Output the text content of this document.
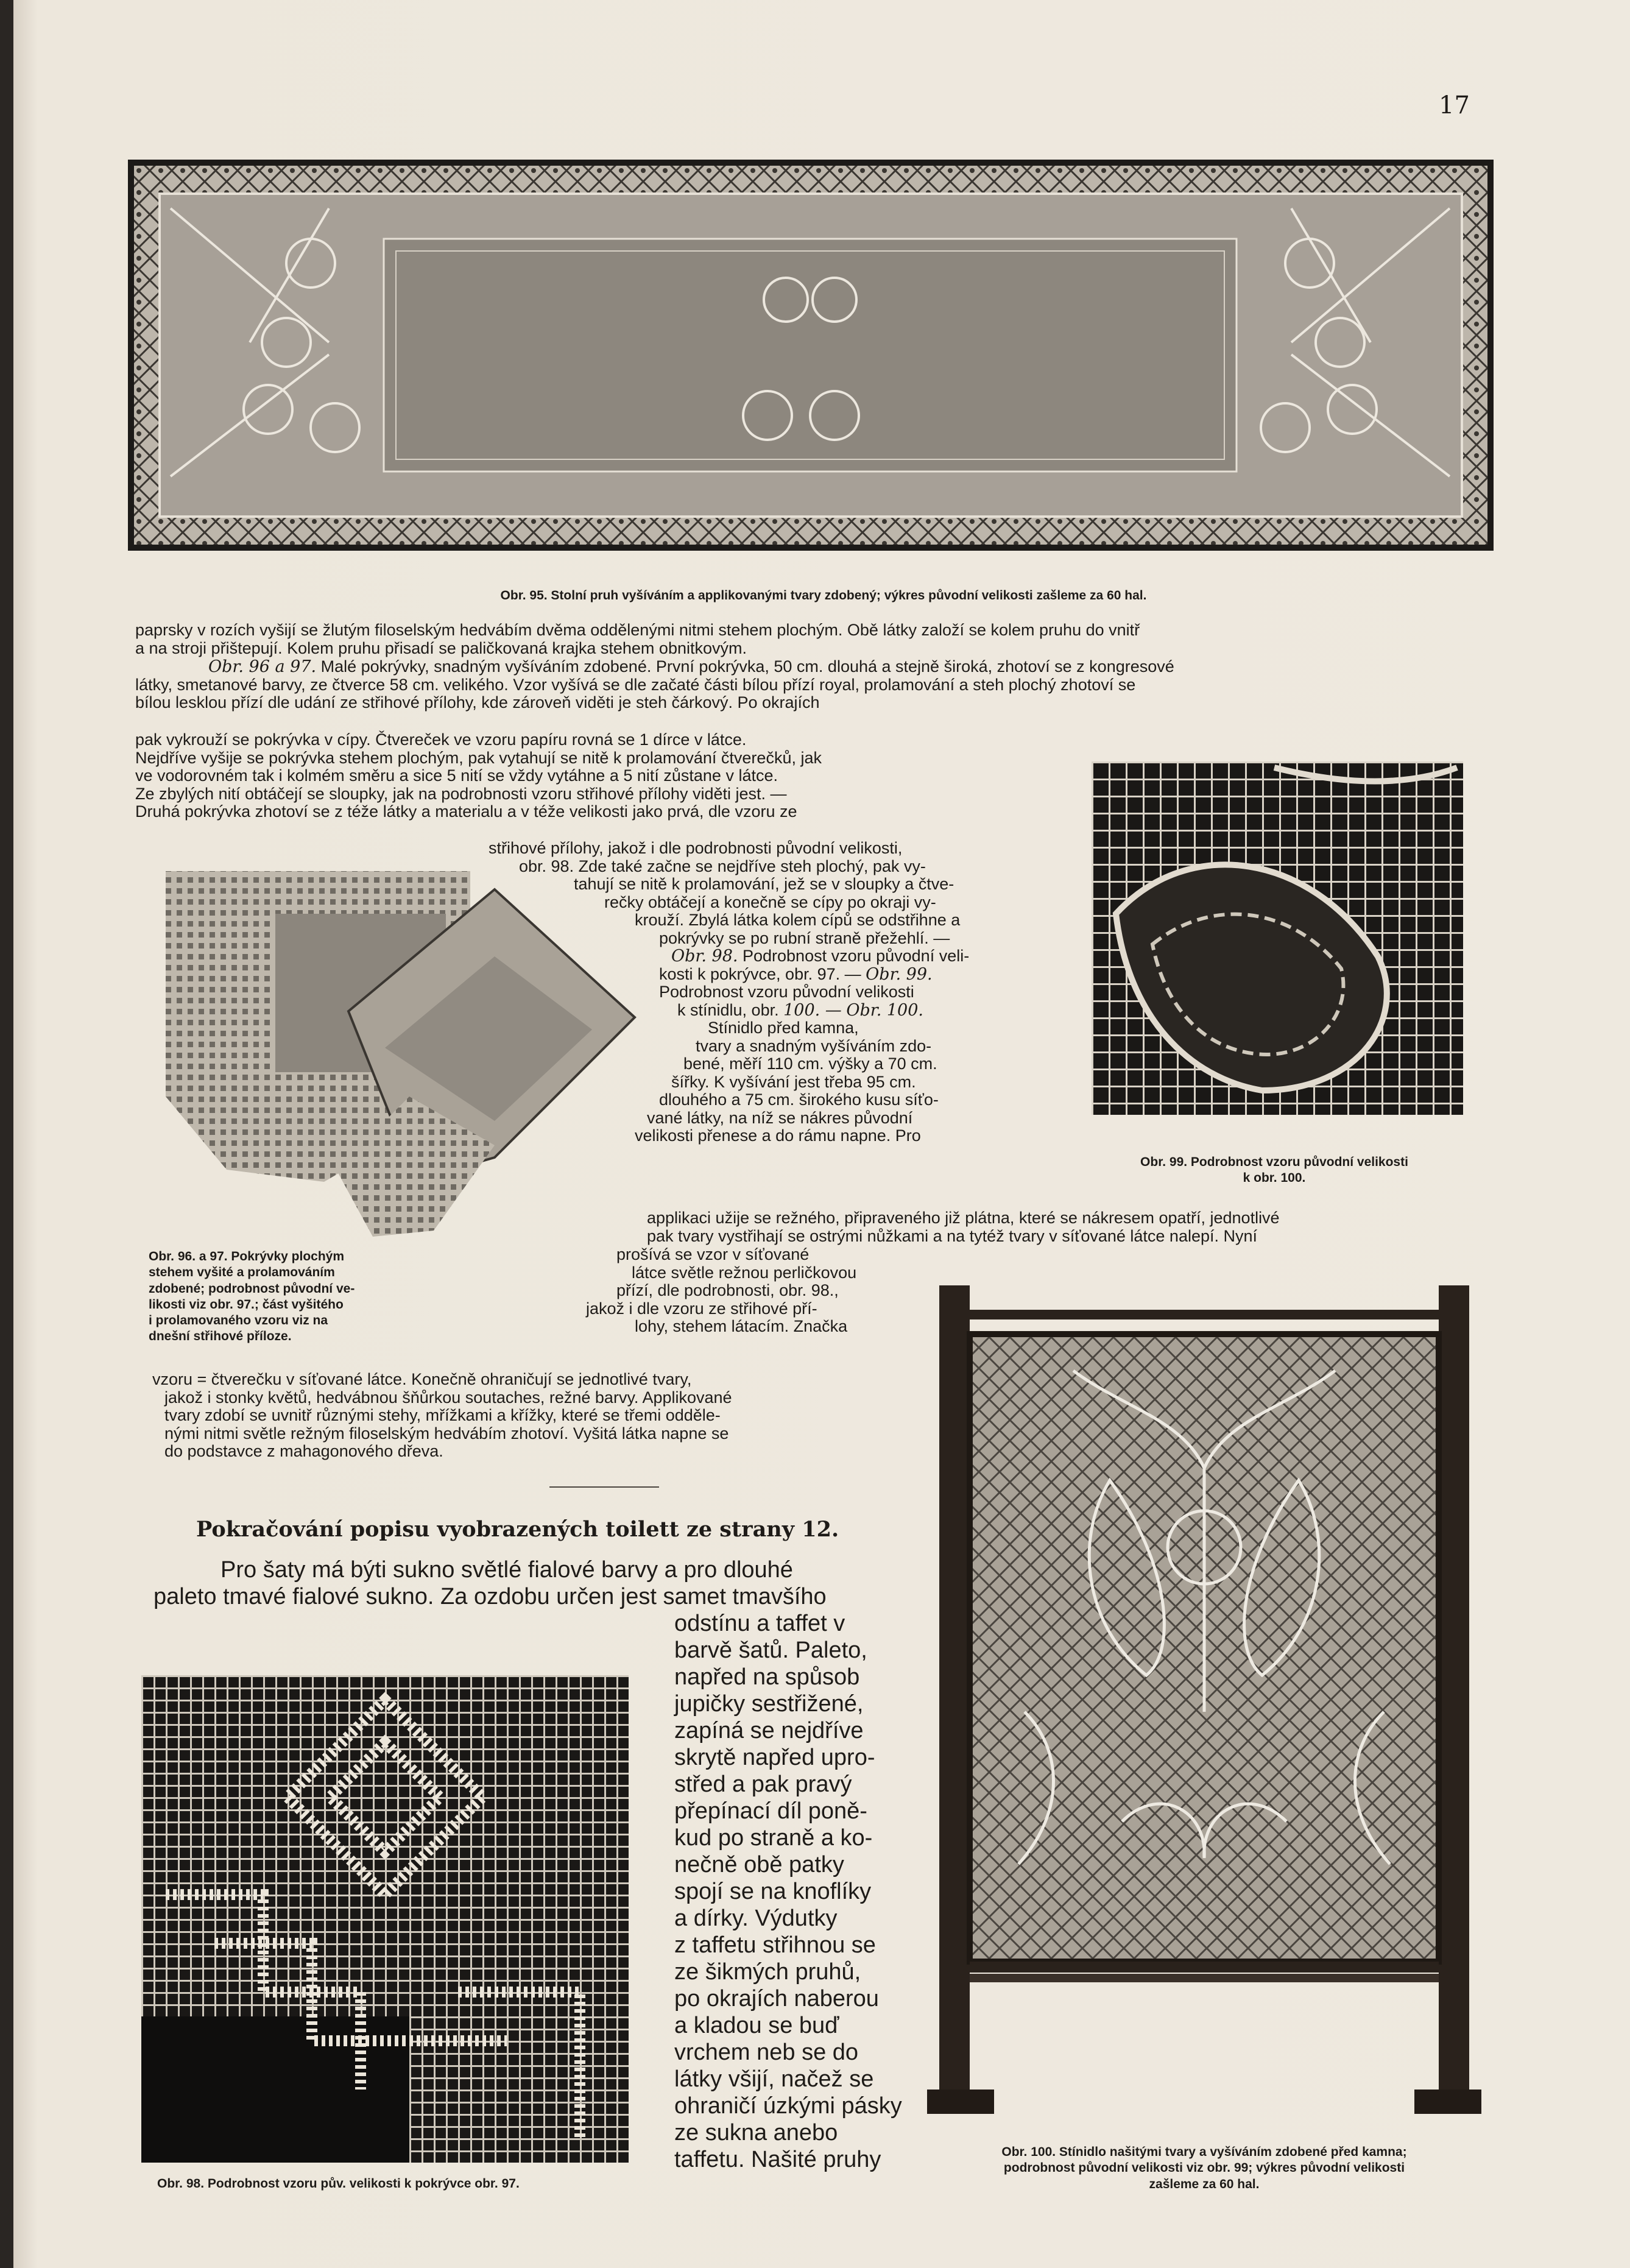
17
Obr. 95. Stolní pruh vyšíváním a applikovanými tvary zdobený; výkres původní velikosti zašleme za 60 hal.

paprsky v rozích vyšijí se žlutým filoselským hedvábím dvěma oddělenými nitmi stehem plochým. Obě látky založí se kolem pruhu do vnitř

a na stroji přištepují. Kolem pruhu přisadí se paličkovaná krajka stehem obnitkovým.

Obr. 96 a 97. Malé pokrývky, snadným vyšíváním zdobené. První pokrývka, 50 cm. dlouhá a stejně široká, zhotoví se z kongresové

látky, smetanové barvy, ze čtverce 58 cm. velikého. Vzor vyšívá se dle začaté části bílou přízí royal, prolamování a steh plochý zhotoví se

bílou lesklou přízí dle udání ze střihové přílohy, kde zároveň viděti je steh čárkový. Po okrajích

pak vykrouží se pokrývka v cípy. Čtvereček ve vzoru papíru rovná se 1 dírce v látce.

Nejdříve vyšije se pokrývka stehem plochým, pak vytahují se nitě k prolamování čtverečků, jak

ve vodorovném tak i kolmém směru a sice 5 nití se vždy vytáhne a 5 nití zůstane v látce.

Ze zbylých nití obtáčejí se sloupky, jak na podrobnosti vzoru střihové přílohy viděti jest. —

Druhá pokrývka zhotoví se z téže látky a materialu a v téže velikosti jako prvá, dle vzoru ze

střihové přílohy, jakož i dle podrobnosti původní velikosti,

obr. 98. Zde také začne se nejdříve steh plochý, pak vy-

tahují se nitě k prolamování, jež se v sloupky a čtve-

rečky obtáčejí a konečně se cípy po okraji vy-

krouží. Zbylá látka kolem cípů se odstřihne a

pokrývky se po rubní straně přežehlí. —

Obr. 98. Podrobnost vzoru původní veli-

kosti k pokrývce, obr. 97. — Obr. 99.

Podrobnost vzoru původní velikosti

k stínidlu, obr. 100. — Obr. 100.

Stínidlo před kamna,

tvary a snadným vyšíváním zdo-

bené, měří 110 cm. výšky a 70 cm.

šířky. K vyšívání jest třeba 95 cm.

dlouhého a 75 cm. širokého kusu síťo-

vané látky, na níž se nákres původní

velikosti přenese a do rámu napne. Pro

applikaci užije se režného, připraveného již plátna, které se nákresem opatří, jednotlivé

pak tvary vystřihají se ostrými nůžkami a na tytéž tvary v síťované látce nalepí. Nyní

prošívá se vzor v síťované

látce světle režnou perličkovou

přízí, dle podrobnosti, obr. 98.,

jakož i dle vzoru ze střihové pří-

lohy, stehem látacím. Značka

vzoru = čtverečku v síťované látce. Konečně ohraničují se jednotlivé tvary,

jakož i stonky květů, hedvábnou šňůrkou soutaches, režné barvy. Applikované

tvary zdobí se uvnitř různými stehy, mřížkami a křížky, které se třemi odděle-

nými nitmi světle režným filoselským hedvábím zhotoví. Vyšitá látka napne se

do podstavce z mahagonového dřeva.

Obr. 96. a 97. Pokrývky plochým
stehem vyšité a prolamováním
zdobené; podrobnost původní ve-
likosti viz obr. 97.; část vyšitého
i prolamovaného vzoru viz na
dnešní střihové příloze.
Obr. 99. Podrobnost vzoru původní velikosti
k obr. 100.
Pokračování popisu vyobrazených toilett ze strany 12.

Pro šaty má býti sukno světlé fialové barvy a pro dlouhé

paleto tmavé fialové sukno. Za ozdobu určen jest samet tmavšího

odstínu a taffet v

barvě šatů. Paleto,

napřed na spůsob

jupičky sestřižené,

zapíná se nejdříve

skrytě napřed upro-

střed a pak pravý

přepínací díl poně-

kud po straně a ko-

nečně obě patky

spojí se na knoflíky

a dírky. Výdutky

z taffetu střihnou se

ze šikmých pruhů,

po okrajích naberou

a kladou se buď

vrchem neb se do

látky všijí, načež se

ohraničí úzkými pásky

ze sukna anebo

taffetu. Našité pruhy

Obr. 98. Podrobnost vzoru pův. velikosti k pokrývce obr. 97.
Obr. 100. Stínidlo našitými tvary a vyšíváním zdobené před kamna;
podrobnost původní velikosti viz obr. 99; výkres původní velikosti
zašleme za 60 hal.
